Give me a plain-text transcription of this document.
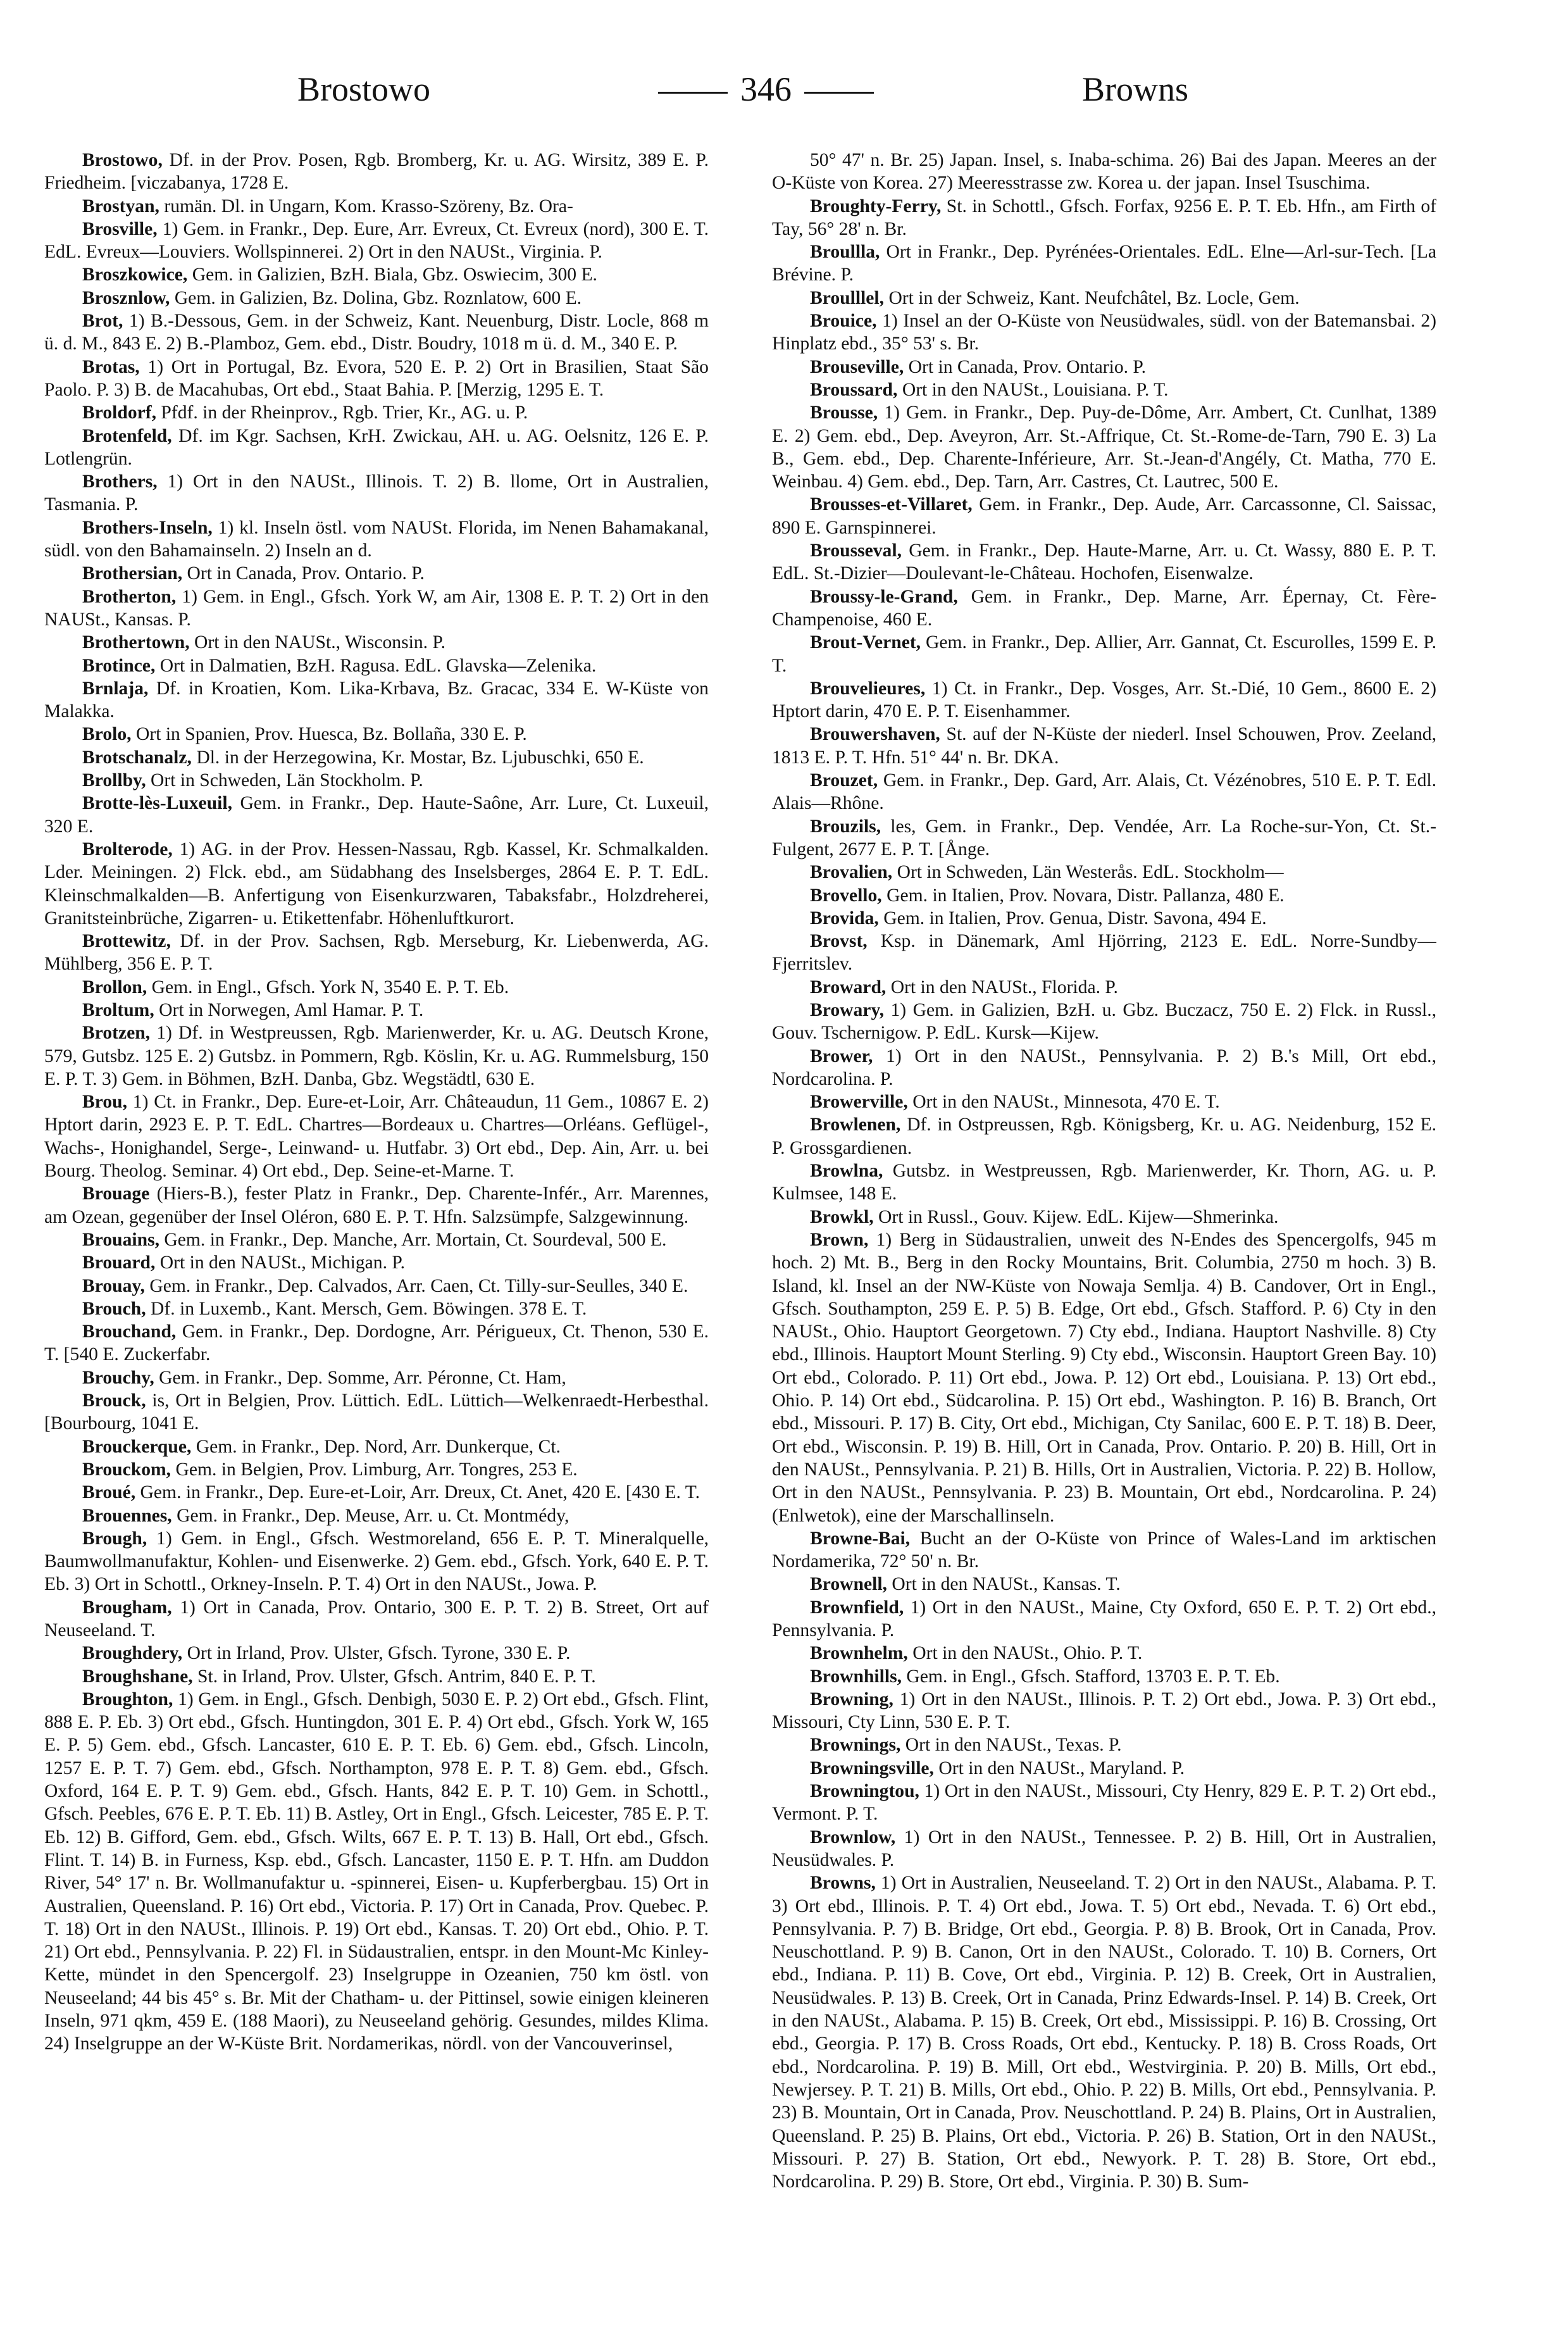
Brostowo	346	Browns

Brostowo, Df. in der Prov. Posen, Rgb. Bromberg, Kr. u. AG. Wirsitz, 389 E. P. Friedheim. [viczabanya, 1728 E.

Brostyan, rumän. Dl. in Ungarn, Kom. Krasso-Szöreny, Bz. Ora-

Brosville, 1) Gem. in Frankr., Dep. Eure, Arr. Evreux, Ct. Evreux (nord), 300 E. T. EdL. Evreux—Louviers. Wollspinnerei. 2) Ort in den NAUSt., Virginia. P.

Broszkowice, Gem. in Galizien, BzH. Biala, Gbz. Oswiecim, 300 E.

Brosznlow, Gem. in Galizien, Bz. Dolina, Gbz. Roznlatow, 600 E.

Brot, 1) B.-Dessous, Gem. in der Schweiz, Kant. Neuenburg, Distr. Locle, 868 m ü. d. M., 843 E. 2) B.-Plamboz, Gem. ebd., Distr. Boudry, 1018 m ü. d. M., 340 E. P.

Brotas, 1) Ort in Portugal, Bz. Evora, 520 E. P. 2) Ort in Brasilien, Staat São Paolo. P. 3) B. de Macahubas, Ort ebd., Staat Bahia. P. [Merzig, 1295 E. T.

Broldorf, Pfdf. in der Rheinprov., Rgb. Trier, Kr., AG. u. P.

Brotenfeld, Df. im Kgr. Sachsen, KrH. Zwickau, AH. u. AG. Oelsnitz, 126 E. P. Lotlengrün.

Brothers, 1) Ort in den NAUSt., Illinois. T. 2) B. llome, Ort in Australien, Tasmania. P.

Brothers-Inseln, 1) kl. Inseln östl. vom NAUSt. Florida, im Nenen Bahamakanal, südl. von den Bahamainseln. 2) Inseln an d.

Brothersian, Ort in Canada, Prov. Ontario. P.

Brotherton, 1) Gem. in Engl., Gfsch. York W, am Air, 1308 E. P. T. 2) Ort in den NAUSt., Kansas. P.

Brothertown, Ort in den NAUSt., Wisconsin. P.

Brotince, Ort in Dalmatien, BzH. Ragusa. EdL. Glavska—Zelenika.

Brnlaja, Df. in Kroatien, Kom. Lika-Krbava, Bz. Gracac, 334 E. W-Küste von Malakka.

Brolo, Ort in Spanien, Prov. Huesca, Bz. Bollaña, 330 E. P.

Brotschanalz, Dl. in der Herzegowina, Kr. Mostar, Bz. Ljubuschki, 650 E.

Brollby, Ort in Schweden, Län Stockholm. P.

Brotte-lès-Luxeuil, Gem. in Frankr., Dep. Haute-Saône, Arr. Lure, Ct. Luxeuil, 320 E.

Brolterode, 1) AG. in der Prov. Hessen-Nassau, Rgb. Kassel, Kr. Schmalkalden. Lder. Meiningen. 2) Flck. ebd., am Südabhang des Inselsberges, 2864 E. P. T. EdL. Kleinschmalkalden—B. Anfertigung von Eisenkurzwaren, Tabaksfabr., Holzdreherei, Granitsteinbrüche, Zigarren- u. Etikettenfabr. Höhenluftkurort.

Brottewitz, Df. in der Prov. Sachsen, Rgb. Merseburg, Kr. Liebenwerda, AG. Mühlberg, 356 E. P. T.

Brollon, Gem. in Engl., Gfsch. York N, 3540 E. P. T. Eb.

Broltum, Ort in Norwegen, Aml Hamar. P. T.

Brotzen, 1) Df. in Westpreussen, Rgb. Marienwerder, Kr. u. AG. Deutsch Krone, 579, Gutsbz. 125 E. 2) Gutsbz. in Pommern, Rgb. Köslin, Kr. u. AG. Rummelsburg, 150 E. P. T. 3) Gem. in Böhmen, BzH. Danba, Gbz. Wegstädtl, 630 E.

Brou, 1) Ct. in Frankr., Dep. Eure-et-Loir, Arr. Châteaudun, 11 Gem., 10867 E. 2) Hptort darin, 2923 E. P. T. EdL. Chartres—Bordeaux u. Chartres—Orléans. Geflügel-, Wachs-, Honighandel, Serge-, Leinwand- u. Hutfabr. 3) Ort ebd., Dep. Ain, Arr. u. bei Bourg. Theolog. Seminar. 4) Ort ebd., Dep. Seine-et-Marne. T.

Brouage (Hiers-B.), fester Platz in Frankr., Dep. Charente-Infér., Arr. Marennes, am Ozean, gegenüber der Insel Oléron, 680 E. P. T. Hfn. Salzsümpfe, Salzgewinnung.

Brouains, Gem. in Frankr., Dep. Manche, Arr. Mortain, Ct. Sourdeval, 500 E.

Brouard, Ort in den NAUSt., Michigan. P.

Brouay, Gem. in Frankr., Dep. Calvados, Arr. Caen, Ct. Tilly-sur-Seulles, 340 E.

Brouch, Df. in Luxemb., Kant. Mersch, Gem. Böwingen. 378 E. T.

Brouchand, Gem. in Frankr., Dep. Dordogne, Arr. Périgueux, Ct. Thenon, 530 E. T. [540 E. Zuckerfabr.

Brouchy, Gem. in Frankr., Dep. Somme, Arr. Péronne, Ct. Ham,

Brouck, is, Ort in Belgien, Prov. Lüttich. EdL. Lüttich—Welkenraedt-Herbesthal. [Bourbourg, 1041 E.

Brouckerque, Gem. in Frankr., Dep. Nord, Arr. Dunkerque, Ct.

Brouckom, Gem. in Belgien, Prov. Limburg, Arr. Tongres, 253 E.

Broué, Gem. in Frankr., Dep. Eure-et-Loir, Arr. Dreux, Ct. Anet, 420 E. [430 E. T.

Brouennes, Gem. in Frankr., Dep. Meuse, Arr. u. Ct. Montmédy,

Brough, 1) Gem. in Engl., Gfsch. Westmoreland, 656 E. P. T. Mineralquelle, Baumwollmanufaktur, Kohlen- und Eisenwerke. 2) Gem. ebd., Gfsch. York, 640 E. P. T. Eb. 3) Ort in Schottl., Orkney-Inseln. P. T. 4) Ort in den NAUSt., Jowa. P.

Brougham, 1) Ort in Canada, Prov. Ontario, 300 E. P. T. 2) B. Street, Ort auf Neuseeland. T.

Broughdery, Ort in Irland, Prov. Ulster, Gfsch. Tyrone, 330 E. P.

Broughshane, St. in Irland, Prov. Ulster, Gfsch. Antrim, 840 E. P. T.

Broughton, 1) Gem. in Engl., Gfsch. Denbigh, 5030 E. P. 2) Ort ebd., Gfsch. Flint, 888 E. P. Eb. 3) Ort ebd., Gfsch. Huntingdon, 301 E. P. 4) Ort ebd., Gfsch. York W, 165 E. P. 5) Gem. ebd., Gfsch. Lancaster, 610 E. P. T. Eb. 6) Gem. ebd., Gfsch. Lincoln, 1257 E. P. T. 7) Gem. ebd., Gfsch. Northampton, 978 E. P. T. 8) Gem. ebd., Gfsch. Oxford, 164 E. P. T. 9) Gem. ebd., Gfsch. Hants, 842 E. P. T. 10) Gem. in Schottl., Gfsch. Peebles, 676 E. P. T. Eb. 11) B. Astley, Ort in Engl., Gfsch. Leicester, 785 E. P. T. Eb. 12) B. Gifford, Gem. ebd., Gfsch. Wilts, 667 E. P. T. 13) B. Hall, Ort ebd., Gfsch. Flint. T. 14) B. in Furness, Ksp. ebd., Gfsch. Lancaster, 1150 E. P. T. Hfn. am Duddon River, 54° 17' n. Br. Wollmanufaktur u. -spinnerei, Eisen- u. Kupferbergbau. 15) Ort in Australien, Queensland. P. 16) Ort ebd., Victoria. P. 17) Ort in Canada, Prov. Quebec. P. T. 18) Ort in den NAUSt., Illinois. P. 19) Ort ebd., Kansas. T. 20) Ort ebd., Ohio. P. T. 21) Ort ebd., Pennsylvania. P. 22) Fl. in Südaustralien, entspr. in den Mount-Mc Kinley-Kette, mündet in den Spencergolf. 23) Inselgruppe in Ozeanien, 750 km östl. von Neuseeland; 44 bis 45° s. Br. Mit der Chatham- u. der Pittinsel, sowie einigen kleineren Inseln, 971 qkm, 459 E. (188 Maori), zu Neuseeland gehörig. Gesundes, mildes Klima. 24) Inselgruppe an der W-Küste Brit. Nordamerikas, nördl. von der Vancouverinsel,

50° 47' n. Br. 25) Japan. Insel, s. Inaba-schima. 26) Bai des Japan. Meeres an der O-Küste von Korea. 27) Meeresstrasse zw. Korea u. der japan. Insel Tsuschima.

Broughty-Ferry, St. in Schottl., Gfsch. Forfax, 9256 E. P. T. Eb. Hfn., am Firth of Tay, 56° 28' n. Br.

Broullla, Ort in Frankr., Dep. Pyrénées-Orientales. EdL. Elne—Arl-sur-Tech. [La Brévine. P.

Broulllel, Ort in der Schweiz, Kant. Neufchâtel, Bz. Locle, Gem.

Brouice, 1) Insel an der O-Küste von Neusüdwales, südl. von der Batemansbai. 2) Hinplatz ebd., 35° 53' s. Br.

Brouseville, Ort in Canada, Prov. Ontario. P.

Broussard, Ort in den NAUSt., Louisiana. P. T.

Brousse, 1) Gem. in Frankr., Dep. Puy-de-Dôme, Arr. Ambert, Ct. Cunlhat, 1389 E. 2) Gem. ebd., Dep. Aveyron, Arr. St.-Affrique, Ct. St.-Rome-de-Tarn, 790 E. 3) La B., Gem. ebd., Dep. Charente-Inférieure, Arr. St.-Jean-d'Angély, Ct. Matha, 770 E. Weinbau. 4) Gem. ebd., Dep. Tarn, Arr. Castres, Ct. Lautrec, 500 E.

Brousses-et-Villaret, Gem. in Frankr., Dep. Aude, Arr. Carcassonne, Cl. Saissac, 890 E. Garnspinnerei.

Brousseval, Gem. in Frankr., Dep. Haute-Marne, Arr. u. Ct. Wassy, 880 E. P. T. EdL. St.-Dizier—Doulevant-le-Château. Hochofen, Eisenwalze.

Broussy-le-Grand, Gem. in Frankr., Dep. Marne, Arr. Épernay, Ct. Fère-Champenoise, 460 E.

Brout-Vernet, Gem. in Frankr., Dep. Allier, Arr. Gannat, Ct. Escurolles, 1599 E. P. T.

Brouvelieures, 1) Ct. in Frankr., Dep. Vosges, Arr. St.-Dié, 10 Gem., 8600 E. 2) Hptort darin, 470 E. P. T. Eisenhammer.

Brouwershaven, St. auf der N-Küste der niederl. Insel Schouwen, Prov. Zeeland, 1813 E. P. T. Hfn. 51° 44' n. Br. DKA.

Brouzet, Gem. in Frankr., Dep. Gard, Arr. Alais, Ct. Vézénobres, 510 E. P. T. Edl. Alais—Rhône.

Brouzils, les, Gem. in Frankr., Dep. Vendée, Arr. La Roche-sur-Yon, Ct. St.-Fulgent, 2677 E. P. T. [Ånge.

Brovalien, Ort in Schweden, Län Westerås. EdL. Stockholm—

Brovello, Gem. in Italien, Prov. Novara, Distr. Pallanza, 480 E.

Brovida, Gem. in Italien, Prov. Genua, Distr. Savona, 494 E.

Brovst, Ksp. in Dänemark, Aml Hjörring, 2123 E. EdL. Norre-Sundby—Fjerritslev.

Broward, Ort in den NAUSt., Florida. P.

Browary, 1) Gem. in Galizien, BzH. u. Gbz. Buczacz, 750 E. 2) Flck. in Russl., Gouv. Tschernigow. P. EdL. Kursk—Kijew.

Brower, 1) Ort in den NAUSt., Pennsylvania. P. 2) B.'s Mill, Ort ebd., Nordcarolina. P.

Browerville, Ort in den NAUSt., Minnesota, 470 E. T.

Browlenen, Df. in Ostpreussen, Rgb. Königsberg, Kr. u. AG. Neidenburg, 152 E. P. Grossgardienen.

Browlna, Gutsbz. in Westpreussen, Rgb. Marienwerder, Kr. Thorn, AG. u. P. Kulmsee, 148 E.

Browkl, Ort in Russl., Gouv. Kijew. EdL. Kijew—Shmerinka.

Brown, 1) Berg in Südaustralien, unweit des N-Endes des Spencergolfs, 945 m hoch. 2) Mt. B., Berg in den Rocky Mountains, Brit. Columbia, 2750 m hoch. 3) B. Island, kl. Insel an der NW-Küste von Nowaja Semlja. 4) B. Candover, Ort in Engl., Gfsch. Southampton, 259 E. P. 5) B. Edge, Ort ebd., Gfsch. Stafford. P. 6) Cty in den NAUSt., Ohio. Hauptort Georgetown. 7) Cty ebd., Indiana. Hauptort Nashville. 8) Cty ebd., Illinois. Hauptort Mount Sterling. 9) Cty ebd., Wisconsin. Hauptort Green Bay. 10) Ort ebd., Colorado. P. 11) Ort ebd., Jowa. P. 12) Ort ebd., Louisiana. P. 13) Ort ebd., Ohio. P. 14) Ort ebd., Südcarolina. P. 15) Ort ebd., Washington. P. 16) B. Branch, Ort ebd., Missouri. P. 17) B. City, Ort ebd., Michigan, Cty Sanilac, 600 E. P. T. 18) B. Deer, Ort ebd., Wisconsin. P. 19) B. Hill, Ort in Canada, Prov. Ontario. P. 20) B. Hill, Ort in den NAUSt., Pennsylvania. P. 21) B. Hills, Ort in Australien, Victoria. P. 22) B. Hollow, Ort in den NAUSt., Pennsylvania. P. 23) B. Mountain, Ort ebd., Nordcarolina. P. 24) (Enlwetok), eine der Marschallinseln.

Browne-Bai, Bucht an der O-Küste von Prince of Wales-Land im arktischen Nordamerika, 72° 50' n. Br.

Brownell, Ort in den NAUSt., Kansas. T.

Brownfield, 1) Ort in den NAUSt., Maine, Cty Oxford, 650 E. P. T. 2) Ort ebd., Pennsylvania. P.

Brownhelm, Ort in den NAUSt., Ohio. P. T.

Brownhills, Gem. in Engl., Gfsch. Stafford, 13703 E. P. T. Eb.

Browning, 1) Ort in den NAUSt., Illinois. P. T. 2) Ort ebd., Jowa. P. 3) Ort ebd., Missouri, Cty Linn, 530 E. P. T.

Brownings, Ort in den NAUSt., Texas. P.

Browningsville, Ort in den NAUSt., Maryland. P.

Browningtou, 1) Ort in den NAUSt., Missouri, Cty Henry, 829 E. P. T. 2) Ort ebd., Vermont. P. T.

Brownlow, 1) Ort in den NAUSt., Tennessee. P. 2) B. Hill, Ort in Australien, Neusüdwales. P.

Browns, 1) Ort in Australien, Neuseeland. T. 2) Ort in den NAUSt., Alabama. P. T. 3) Ort ebd., Illinois. P. T. 4) Ort ebd., Jowa. T. 5) Ort ebd., Nevada. T. 6) Ort ebd., Pennsylvania. P. 7) B. Bridge, Ort ebd., Georgia. P. 8) B. Brook, Ort in Canada, Prov. Neuschottland. P. 9) B. Canon, Ort in den NAUSt., Colorado. T. 10) B. Corners, Ort ebd., Indiana. P. 11) B. Cove, Ort ebd., Virginia. P. 12) B. Creek, Ort in Australien, Neusüdwales. P. 13) B. Creek, Ort in Canada, Prinz Edwards-Insel. P. 14) B. Creek, Ort in den NAUSt., Alabama. P. 15) B. Creek, Ort ebd., Mississippi. P. 16) B. Crossing, Ort ebd., Georgia. P. 17) B. Cross Roads, Ort ebd., Kentucky. P. 18) B. Cross Roads, Ort ebd., Nordcarolina. P. 19) B. Mill, Ort ebd., Westvirginia. P. 20) B. Mills, Ort ebd., Newjersey. P. T. 21) B. Mills, Ort ebd., Ohio. P. 22) B. Mills, Ort ebd., Pennsylvania. P. 23) B. Mountain, Ort in Canada, Prov. Neuschottland. P. 24) B. Plains, Ort in Australien, Queensland. P. 25) B. Plains, Ort ebd., Victoria. P. 26) B. Station, Ort in den NAUSt., Missouri. P. 27) B. Station, Ort ebd., Newyork. P. T. 28) B. Store, Ort ebd., Nordcarolina. P. 29) B. Store, Ort ebd., Virginia. P. 30) B. Sum-
